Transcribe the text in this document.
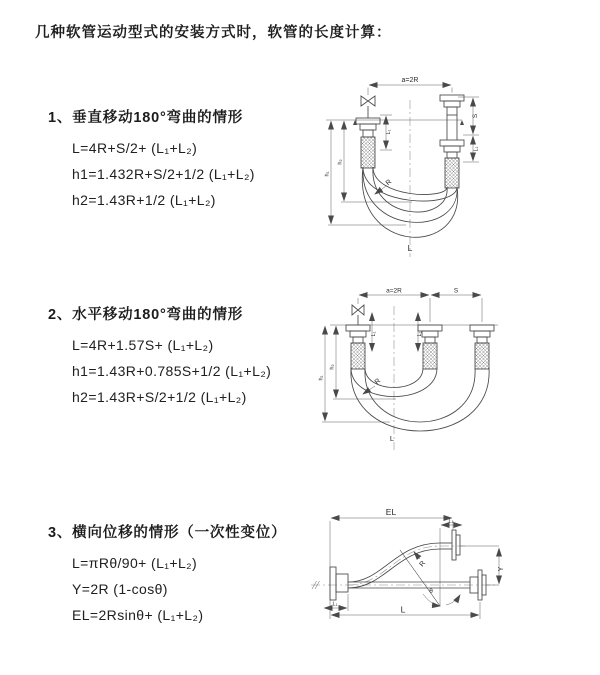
几种软管运动型式的安装方式时，软管的长度计算：
1、垂直移动180°弯曲的情形
L=4R+S/2+ (L₁+L₂)
h1=1.432R+S/2+1/2 (L₁+L₂)
h2=1.43R+1/2 (L₁+L₂)
2、水平移动180°弯曲的情形
L=4R+1.57S+ (L₁+L₂)
h1=1.43R+0.785S+1/2 (L₁+L₂)
h2=1.43R+S/2+1/2 (L₁+L₂)
3、横向位移的情形（一次性变位）
L=πRθ/90+ (L₁+L₂)
Y=2R (1-cosθ)
EL=2Rsinθ+ (L₁+L₂)
a=2R
L₁
S
L₁
h₁
h₂
R
L
a=2R	S
L₁	L₁
h₁
h₂
R
L
EL
L₁
L₁
Y
R
θ
L
